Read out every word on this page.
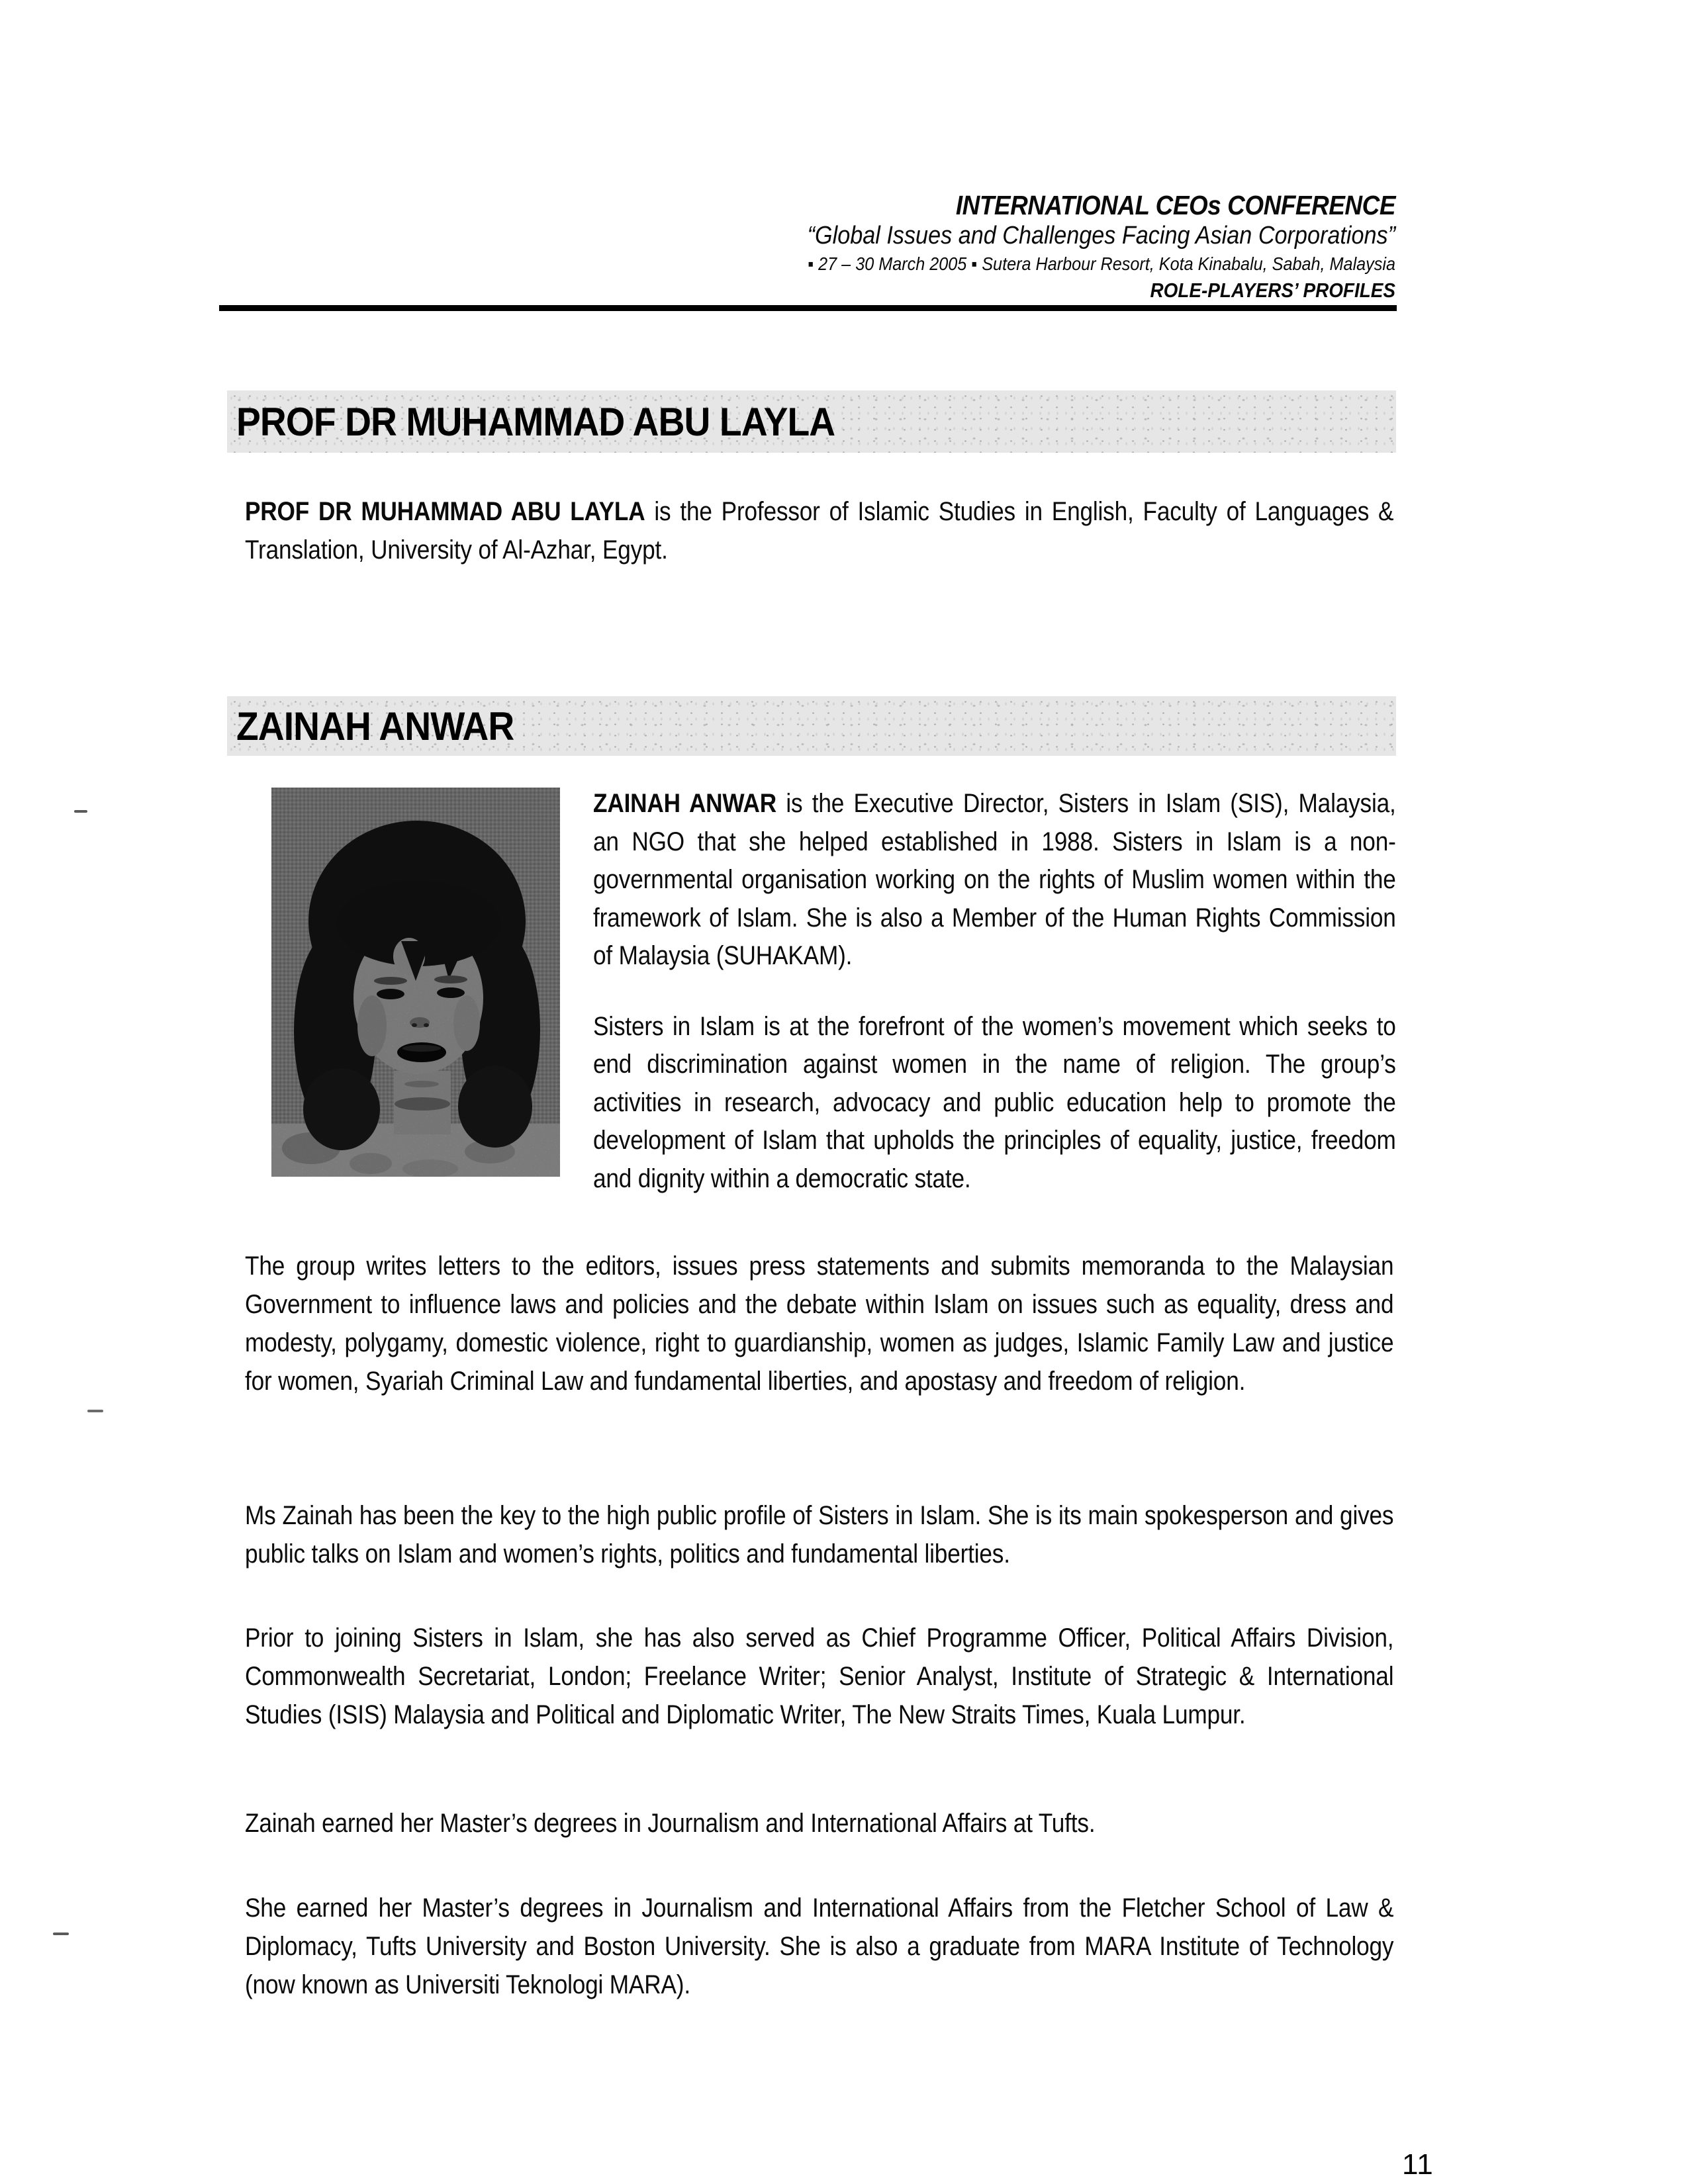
INTERNATIONAL CEOs CONFERENCE
“Global Issues and Challenges Facing Asian Corporations”
▪ 27 – 30 March 2005 ▪ Sutera Harbour Resort, Kota Kinabalu, Sabah, Malaysia
ROLE-PLAYERS’ PROFILES
PROF DR MUHAMMAD ABU LAYLA

PROF DR MUHAMMAD ABU LAYLA is the Professor of Islamic Studies in English, Faculty of Languages & Translation, University of Al-Azhar, Egypt.

ZAINAH ANWAR

ZAINAH ANWAR is the Executive Director, Sisters in Islam (SIS), Malaysia, an NGO that she helped established in 1988. Sisters in Islam is a non-governmental organisation working on the rights of Muslim women within the framework of Islam. She is also a Member of the Human Rights Commission of Malaysia (SUHAKAM).

Sisters in Islam is at the forefront of the women’s movement which seeks to end discrimination against women in the name of religion. The group’s activities in research, advocacy and public education help to promote the development of Islam that upholds the principles of equality, justice, freedom and dignity within a democratic state.

The group writes letters to the editors, issues press statements and submits memoranda to the Malaysian Government to influence laws and policies and the debate within Islam on issues such as equality, dress and modesty, polygamy, domestic violence, right to guardianship, women as judges, Islamic Family Law and justice for women, Syariah Criminal Law and fundamental liberties, and apostasy and freedom of religion.

Ms Zainah has been the key to the high public profile of Sisters in Islam. She is its main spokesperson and gives public talks on Islam and women’s rights, politics and fundamental liberties.

Prior to joining Sisters in Islam, she has also served as Chief Programme Officer, Political Affairs Division, Commonwealth Secretariat, London; Freelance Writer; Senior Analyst, Institute of Strategic & International Studies (ISIS) Malaysia and Political and Diplomatic Writer, The New Straits Times, Kuala Lumpur.

Zainah earned her Master’s degrees in Journalism and International Affairs at Tufts.

She earned her Master’s degrees in Journalism and International Affairs from the Fletcher School of Law & Diplomacy, Tufts University and Boston University. She is also a graduate from MARA Institute of Technology (now known as Universiti Teknologi MARA).

11
